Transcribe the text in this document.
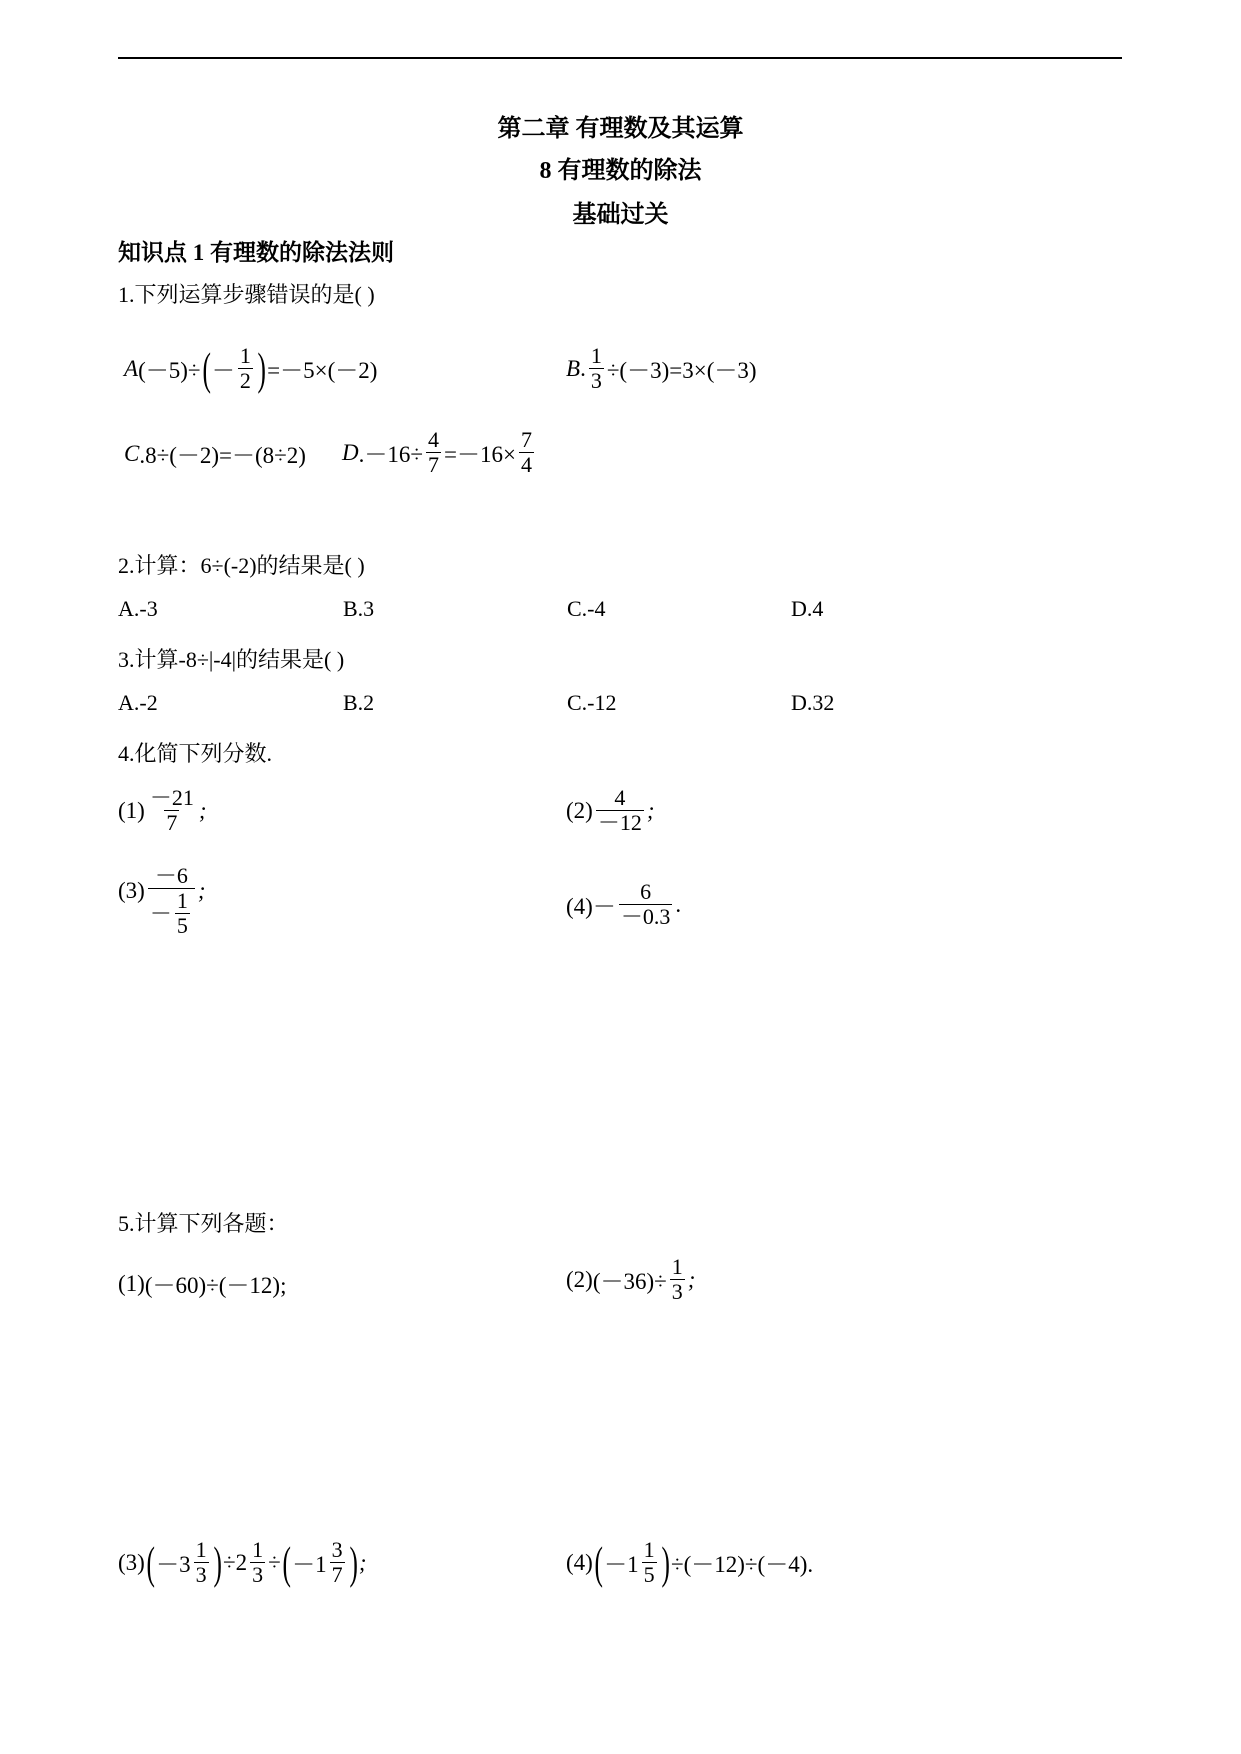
第二章 有理数及其运算
8 有理数的除法
基础过关
知识点 1 有理数的除法法则
1.下列运算步骤错误的是( )
A (－5)÷ ( － $\frac{1}{2}$ ) =－5×(－2)	B . $\frac{1}{3} \div(-3)=3\times(-3)$
C .8÷(－2)=－(8÷2) D $.-16\div \frac{4}{7} =-16\times \frac{7}{4}$
2.计算：6÷(-2)的结果是( )
A.-3	B.3	C.-4	D.4
3.计算-8÷|-4|的结果是( )
A.-2	B.2	C.-12	D.32
4.化简下列分数.
$(1) \frac{-21}{7}$ ;	$(2) \frac{4}{-12}$ ;
$(3) \frac{-6}{- \frac{1}{5}}$ ;
$(4)- \frac{6}{-0.3}$ .
5.计算下列各题：
(1) (－60)÷(－12);	(2) $(-36)\div \frac{1}{3}$ ;
(3) ( $-3 \frac{1}{3}$ ) $\div 2 \frac{1}{3}$ ÷ ( $-1 \frac{3}{7}$ ) ;	(4) ( $-1 \frac{1}{5}$ ) ÷(－12)÷(－4).
